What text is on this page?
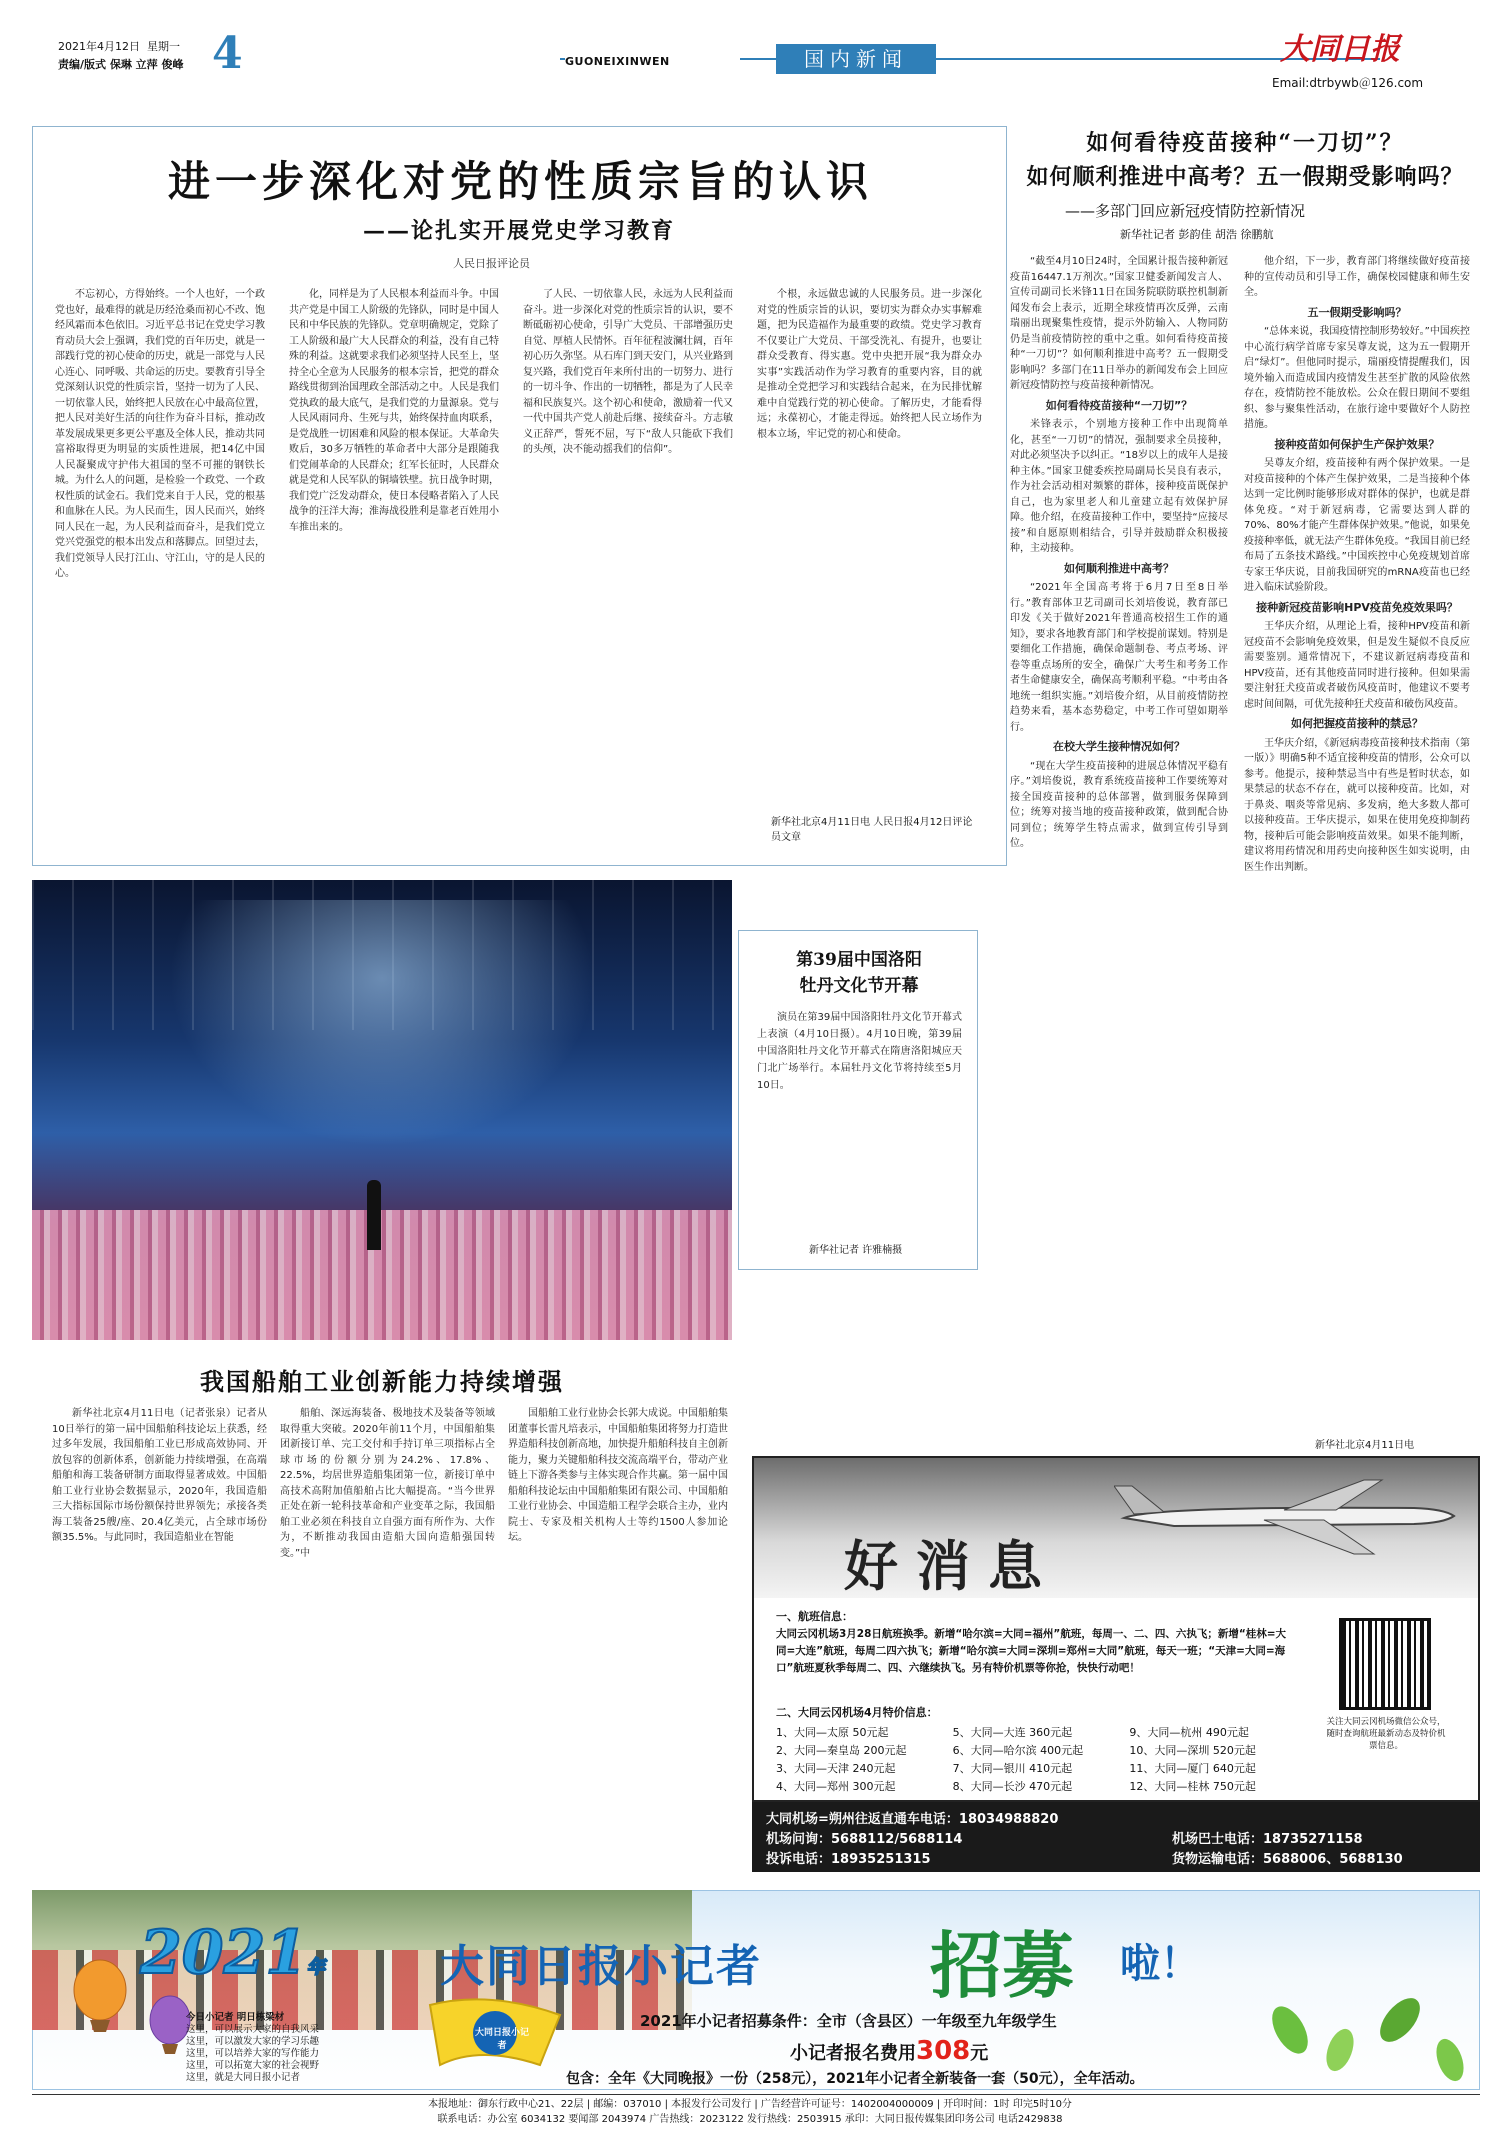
2021年4月12日 星期一
责编/版式 保琳 立萍 俊峰 4	GUONEIXINWEN	国内新闻	大同日报
Email:dtrbywb＠126.com
进一步深化对党的性质宗旨的认识
——论扎实开展党史学习教育
人民日报评论员

不忘初心，方得始终。一个人也好，一个政党也好，最难得的就是历经沧桑而初心不改、饱经风霜而本色依旧。习近平总书记在党史学习教育动员大会上强调，我们党的百年历史，就是一部践行党的初心使命的历史，就是一部党与人民心连心、同呼吸、共命运的历史。要教育引导全党深刻认识党的性质宗旨，坚持一切为了人民、一切依靠人民，始终把人民放在心中最高位置，把人民对美好生活的向往作为奋斗目标，推动改革发展成果更多更公平惠及全体人民，推动共同富裕取得更为明显的实质性进展，把14亿中国人民凝聚成守护伟大祖国的坚不可摧的钢铁长城。为什么人的问题，是检验一个政党、一个政权性质的试金石。我们党来自于人民，党的根基和血脉在人民。为人民而生，因人民而兴，始终同人民在一起，为人民利益而奋斗，是我们党立党兴党强党的根本出发点和落脚点。回望过去，我们党领导人民打江山、守江山，守的是人民的心。

化，同样是为了人民根本利益而斗争。中国共产党是中国工人阶级的先锋队，同时是中国人民和中华民族的先锋队。党章明确规定，党除了工人阶级和最广大人民群众的利益，没有自己特殊的利益。这就要求我们必须坚持人民至上，坚持全心全意为人民服务的根本宗旨，把党的群众路线贯彻到治国理政全部活动之中。人民是我们党执政的最大底气，是我们党的力量源泉。党与人民风雨同舟、生死与共，始终保持血肉联系，是党战胜一切困难和风险的根本保证。大革命失败后，30多万牺牲的革命者中大部分是跟随我们党闹革命的人民群众；红军长征时，人民群众就是党和人民军队的铜墙铁壁。抗日战争时期，我们党广泛发动群众，使日本侵略者陷入了人民战争的汪洋大海；淮海战役胜利是靠老百姓用小车推出来的。

了人民、一切依靠人民，永远为人民利益而奋斗。进一步深化对党的性质宗旨的认识，要不断砥砺初心使命，引导广大党员、干部增强历史自觉、厚植人民情怀。百年征程波澜壮阔，百年初心历久弥坚。从石库门到天安门，从兴业路到复兴路，我们党百年来所付出的一切努力、进行的一切斗争、作出的一切牺牲，都是为了人民幸福和民族复兴。这个初心和使命，激励着一代又一代中国共产党人前赴后继、接续奋斗。方志敏义正辞严，誓死不屈，写下“敌人只能砍下我们的头颅，决不能动摇我们的信仰”。

个根，永远做忠诚的人民服务员。进一步深化对党的性质宗旨的认识，要切实为群众办实事解难题，把为民造福作为最重要的政绩。党史学习教育不仅要让广大党员、干部受洗礼、有提升，也要让群众受教育、得实惠。党中央把开展“我为群众办实事”实践活动作为学习教育的重要内容，目的就是推动全党把学习和实践结合起来，在为民排忧解难中自觉践行党的初心使命。了解历史，才能看得远；永葆初心，才能走得远。始终把人民立场作为根本立场，牢记党的初心和使命。

新华社北京4月11日电 人民日报4月12日评论员文章
第39届中国洛阳
牡丹文化节开幕

演员在第39届中国洛阳牡丹文化节开幕式上表演（4月10日摄）。4月10日晚，第39届中国洛阳牡丹文化节开幕式在隋唐洛阳城应天门北广场举行。本届牡丹文化节将持续至5月10日。

新华社记者 许雅楠摄
我国船舶工业创新能力持续增强

新华社北京4月11日电（记者张泉）记者从10日举行的第一届中国船舶科技论坛上获悉，经过多年发展，我国船舶工业已形成高效协同、开放包容的创新体系，创新能力持续增强，在高端船舶和海工装备研制方面取得显著成效。中国船舶工业行业协会数据显示，2020年，我国造船三大指标国际市场份额保持世界领先；承接各类海工装备25艘/座、20.4亿美元，占全球市场份额35.5%。与此同时，我国造船业在智能

船舶、深远海装备、极地技术及装备等领域取得重大突破。2020年前11个月，中国船舶集团新接订单、完工交付和手持订单三项指标占全球市场的份额分别为24.2%、17.8%、22.5%，均居世界造船集团第一位，新接订单中高技术高附加值船舶占比大幅提高。“当今世界正处在新一轮科技革命和产业变革之际，我国船舶工业必须在科技自立自强方面有所作为、大作为，不断推动我国由造船大国向造船强国转变。”中

国船舶工业行业协会长郭大成说。中国船舶集团董事长雷凡培表示，中国船舶集团将努力打造世界造船科技创新高地，加快提升船舶科技自主创新能力，聚力关键船舶科技交流高端平台，带动产业链上下游各类参与主体实现合作共赢。第一届中国船舶科技论坛由中国船舶集团有限公司、中国船舶工业行业协会、中国造船工程学会联合主办，业内院士、专家及相关机构人士等约1500人参加论坛。

如何看待疫苗接种“一刀切”？
如何顺利推进中高考？五一假期受影响吗？
——多部门回应新冠疫情防控新情况
新华社记者 彭韵佳 胡浩 徐鹏航

“截至4月10日24时，全国累计报告接种新冠疫苗16447.1万剂次。”国家卫健委新闻发言人、宣传司副司长米锋11日在国务院联防联控机制新闻发布会上表示，近期全球疫情再次反弹，云南瑞丽出现聚集性疫情，提示外防输入、人物同防仍是当前疫情防控的重中之重。如何看待疫苗接种“一刀切”？如何顺利推进中高考？五一假期受影响吗？多部门在11日举办的新闻发布会上回应新冠疫情防控与疫苗接种新情况。

如何看待疫苗接种“一刀切”？

米锋表示，个别地方接种工作中出现简单化，甚至“一刀切”的情况，强制要求全员接种，对此必须坚决予以纠正。“18岁以上的成年人是接种主体。”国家卫健委疾控局副局长吴良有表示，作为社会活动相对频繁的群体，接种疫苗既保护自己，也为家里老人和儿童建立起有效保护屏障。他介绍，在疫苗接种工作中，要坚持“应接尽接”和自愿原则相结合，引导并鼓励群众积极接种，主动接种。

如何顺利推进中高考？

“2021年全国高考将于6月7日至8日举行。”教育部体卫艺司副司长刘培俊说，教育部已印发《关于做好2021年普通高校招生工作的通知》，要求各地教育部门和学校提前谋划。特别是要细化工作措施，确保命题制卷、考点考场、评卷等重点场所的安全，确保广大考生和考务工作者生命健康安全，确保高考顺利平稳。“中考由各地统一组织实施。”刘培俊介绍，从目前疫情防控趋势来看，基本态势稳定，中考工作可望如期举行。

在校大学生接种情况如何？

“现在大学生疫苗接种的进展总体情况平稳有序。”刘培俊说，教育系统疫苗接种工作要统筹对接全国疫苗接种的总体部署，做到服务保障到位；统筹对接当地的疫苗接种政策，做到配合协同到位；统筹学生特点需求，做到宣传引导到位。

他介绍，下一步，教育部门将继续做好疫苗接种的宣传动员和引导工作，确保校园健康和师生安全。

五一假期受影响吗？

“总体来说，我国疫情控制形势较好。”中国疾控中心流行病学首席专家吴尊友说，这为五一假期开启“绿灯”。但他同时提示，瑞丽疫情提醒我们，因境外输入而造成国内疫情发生甚至扩散的风险依然存在，疫情防控不能放松。公众在假日期间不要组织、参与聚集性活动，在旅行途中要做好个人防控措施。

接种疫苗如何保护生产保护效果？

吴尊友介绍，疫苗接种有两个保护效果。一是对疫苗接种的个体产生保护效果，二是当接种个体达到一定比例时能够形成对群体的保护，也就是群体免疫。“对于新冠病毒，它需要达到人群的70%、80%才能产生群体保护效果。”他说，如果免疫接种率低，就无法产生群体免疫。“我国目前已经布局了五条技术路线。”中国疾控中心免疫规划首席专家王华庆说，目前我国研究的mRNA疫苗也已经进入临床试验阶段。

接种新冠疫苗影响HPV疫苗免疫效果吗？

王华庆介绍，从理论上看，接种HPV疫苗和新冠疫苗不会影响免疫效果，但是发生疑似不良反应需要鉴别。通常情况下，不建议新冠病毒疫苗和HPV疫苗，还有其他疫苗同时进行接种。但如果需要注射狂犬疫苗或者破伤风疫苗时，他建议不要考虑时间间隔，可优先接种狂犬疫苗和破伤风疫苗。

如何把握疫苗接种的禁忌？

王华庆介绍，《新冠病毒疫苗接种技术指南（第一版）》明确5种不适宜接种疫苗的情形，公众可以参考。他提示，接种禁忌当中有些是暂时状态，如果禁忌的状态不存在，就可以接种疫苗。比如，对于鼻炎、咽炎等常见病、多发病，绝大多数人都可以接种疫苗。王华庆提示，如果在使用免疫抑制药物，接种后可能会影响疫苗效果。如果不能判断，建议将用药情况和用药史向接种医生如实说明，由医生作出判断。

新华社北京4月11日电
好消息
一、航班信息：
大同云冈机场3月28日航班换季。新增“哈尔滨=大同=福州”航班，每周一、二、四、六执飞；新增“桂林=大同=大连”航班，每周二四六执飞；新增“哈尔滨=大同=深圳=郑州=大同”航班，每天一班；“天津=大同=海口”航班夏秋季每周二、四、六继续执飞。另有特价机票等你抢，快快行动吧！
二、大同云冈机场4月特价信息：
1、大同—太原 50元起	5、大同—大连 360元起	9、大同—杭州 490元起
2、大同—秦皇岛 200元起	6、大同—哈尔滨 400元起	10、大同—深圳 520元起
3、大同—天津 240元起	7、大同—银川 410元起	11、大同—厦门 640元起
4、大同—郑州 300元起	8、大同—长沙 470元起	12、大同—桂林 750元起
关注大同云冈机场微信公众号，随时查询航班最新动态及特价机票信息。
大同机场=朔州往返直通车电话：18034988820
机场问询：5688112/5688114
投诉电话：18935251315
机场巴士电话：18735271158
货物运输电话：5688006、5688130
2021年	大同日报小记者 招募 啦！
大同日报小记者
2021年小记者招募条件：全市（含县区）一年级至九年级学生
小记者报名费用308元
包含：全年《大同晚报》一份（258元），2021年小记者全新装备一套（50元），全年活动。
今日小记者 明日栋梁材
这里，可以展示大家的自我风采
这里，可以激发大家的学习乐趣
这里，可以培养大家的写作能力
这里，可以拓宽大家的社会视野
这里，就是大同日报小记者
本报地址：御东行政中心21、22层 | 邮编：037010 | 本报发行公司发行 | 广告经营许可证号：1402004000009 | 开印时间：1时 印完5时10分
联系电话：办公室 6034132 要闻部 2043974 广告热线：2023122 发行热线：2503915 承印：大同日报传媒集团印务公司 电话2429838
